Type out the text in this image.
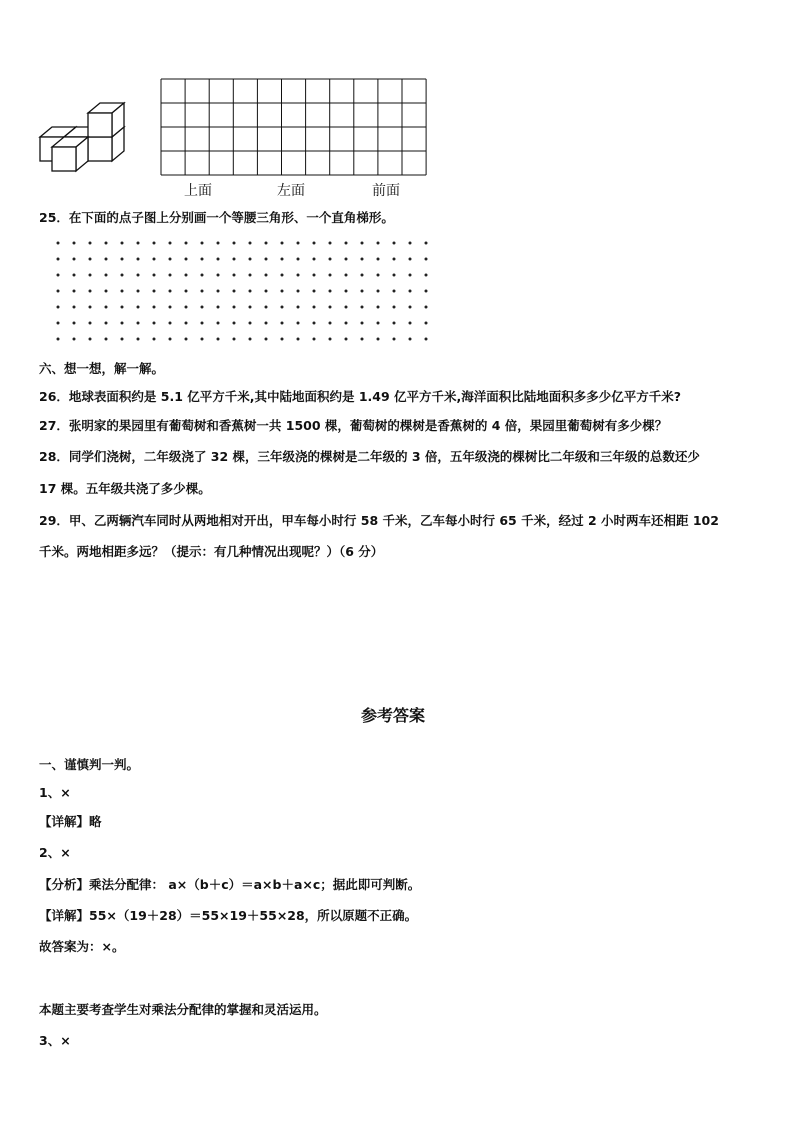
上面	左面	前面
25．在下面的点子图上分别画一个等腰三角形、一个直角梯形。
六、想一想，解一解。
26．地球表面积约是 5.1 亿平方千米,其中陆地面积约是 1.49 亿平方千米,海洋面积比陆地面积多多少亿平方千米?
27．张明家的果园里有葡萄树和香蕉树一共 1500 棵，葡萄树的棵树是香蕉树的 4 倍，果园里葡萄树有多少棵？
28．同学们浇树，二年级浇了 32 棵，三年级浇的棵树是二年级的 3 倍，五年级浇的棵树比二年级和三年级的总数还少
17 棵。五年级共浇了多少棵。
29．甲、乙两辆汽车同时从两地相对开出，甲车每小时行 58 千米，乙车每小时行 65 千米，经过 2 小时两车还相距 102
千米。两地相距多远？（提示：有几种情况出现呢？）（6 分）
参考答案
一、谨慎判一判。
1、×
【详解】略
2、×
【分析】乘法分配律： a×（b＋c）＝a×b＋a×c；据此即可判断。
【详解】55×（19＋28）＝55×19＋55×28，所以原题不正确。
故答案为：×。
本题主要考查学生对乘法分配律的掌握和灵活运用。
3、×
